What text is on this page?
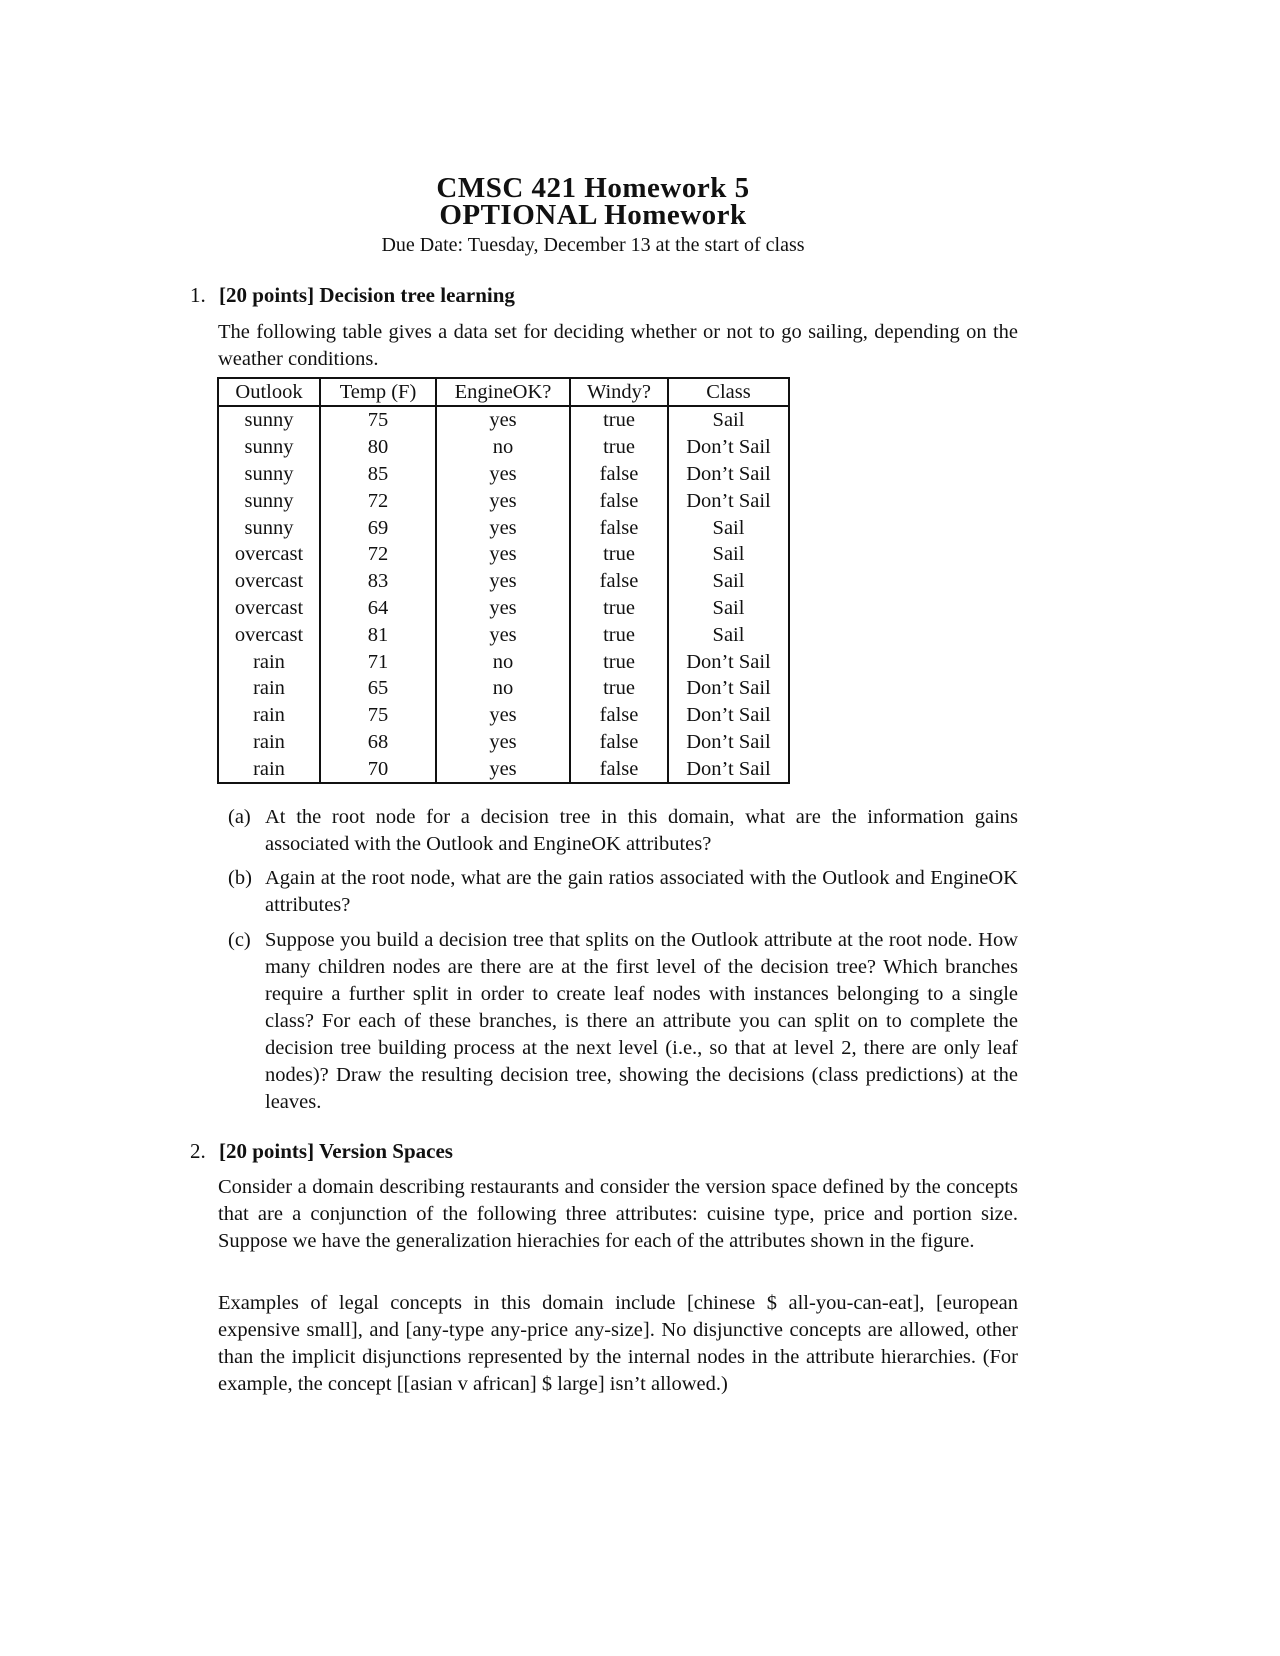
CMSC 421 Homework 5
OPTIONAL Homework
Due Date: Tuesday, December 13 at the start of class
1. [20 points] Decision tree learning
The following table gives a data set for deciding whether or not to go sailing, depending on the weather conditions.
Outlook	Temp (F)	EngineOK?	Windy?	Class
sunny	75	yes	true	Sail
sunny	80	no	true	Don’t Sail
sunny	85	yes	false	Don’t Sail
sunny	72	yes	false	Don’t Sail
sunny	69	yes	false	Sail
overcast	72	yes	true	Sail
overcast	83	yes	false	Sail
overcast	64	yes	true	Sail
overcast	81	yes	true	Sail
rain	71	no	true	Don’t Sail
rain	65	no	true	Don’t Sail
rain	75	yes	false	Don’t Sail
rain	68	yes	false	Don’t Sail
rain	70	yes	false	Don’t Sail
(a) At the root node for a decision tree in this domain, what are the information gains associated with the Outlook and EngineOK attributes?
(b) Again at the root node, what are the gain ratios associated with the Outlook and EngineOK attributes?
(c) Suppose you build a decision tree that splits on the Outlook attribute at the root node. How many children nodes are there are at the first level of the decision tree? Which branches require a further split in order to create leaf nodes with instances belonging to a single class? For each of these branches, is there an attribute you can split on to complete the decision tree building process at the next level (i.e., so that at level 2, there are only leaf nodes)? Draw the resulting decision tree, showing the decisions (class predictions) at the leaves.
2. [20 points] Version Spaces
Consider a domain describing restaurants and consider the version space defined by the concepts that are a conjunction of the following three attributes: cuisine type, price and portion size. Suppose we have the generalization hierachies for each of the attributes shown in the figure.
Examples of legal concepts in this domain include [chinese $ all-you-can-eat], [european expensive small], and [any-type any-price any-size]. No disjunctive concepts are allowed, other than the implicit disjunctions represented by the internal nodes in the attribute hierarchies. (For example, the concept [[asian v african] $ large] isn’t allowed.)
